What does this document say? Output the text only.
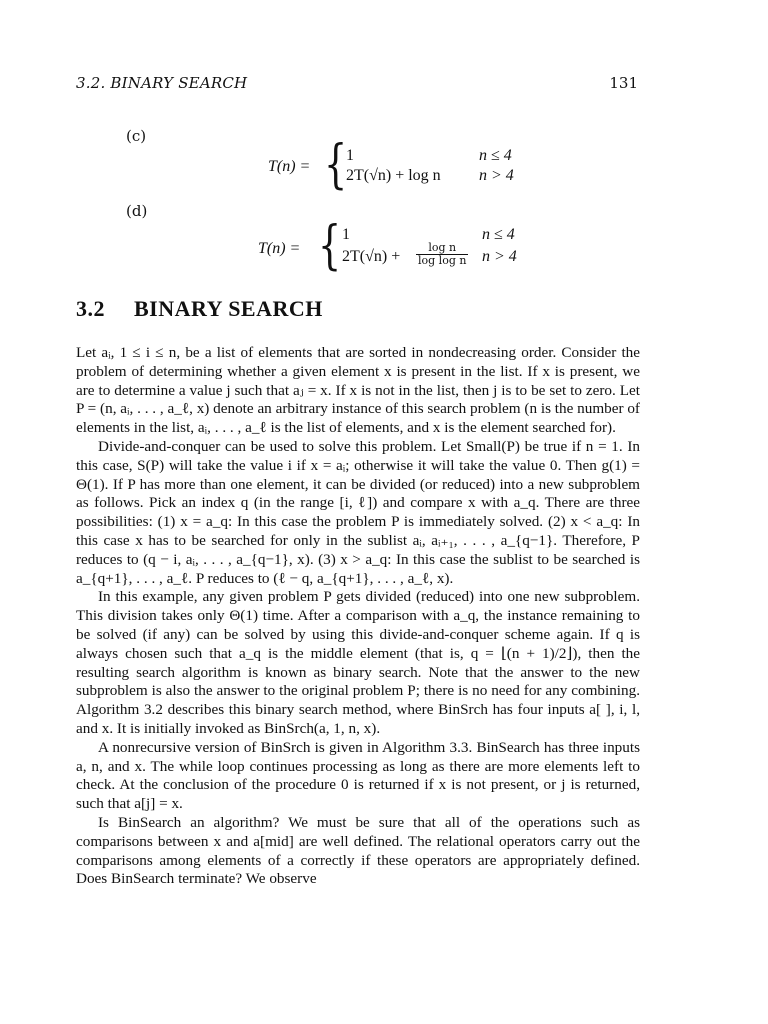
3.2. BINARY SEARCH	131
(c)
T(n) = {
1	n ≤ 4
2T(√n) + log n n > 4
(d)
T(n) = { 1	n ≤ 4
$2T(√n) + \frac{\text{log n}}{\text{log log n}}$ n > 4
3.2 BINARY SEARCH

Let aᵢ, 1 ≤ i ≤ n, be a list of elements that are sorted in nondecreasing order. Consider the problem of determining whether a given element x is present in the list. If x is present, we are to determine a value j such that aⱼ = x. If x is not in the list, then j is to be set to zero. Let P = (n, aᵢ, . . . , a_ℓ, x) denote an arbitrary instance of this search problem (n is the number of elements in the list, aᵢ, . . . , a_ℓ is the list of elements, and x is the element searched for).

Divide-and-conquer can be used to solve this problem. Let Small(P) be true if n = 1. In this case, S(P) will take the value i if x = aᵢ; otherwise it will take the value 0. Then g(1) = Θ(1). If P has more than one element, it can be divided (or reduced) into a new subproblem as follows. Pick an index q (in the range [i, ℓ]) and compare x with a_q. There are three possibilities: (1) x = a_q: In this case the problem P is immediately solved. (2) x < a_q: In this case x has to be searched for only in the sublist aᵢ, aᵢ₊₁, . . . , a_{q−1}. Therefore, P reduces to (q − i, aᵢ, . . . , a_{q−1}, x). (3) x > a_q: In this case the sublist to be searched is a_{q+1}, . . . , a_ℓ. P reduces to (ℓ − q, a_{q+1}, . . . , a_ℓ, x).

In this example, any given problem P gets divided (reduced) into one new subproblem. This division takes only Θ(1) time. After a comparison with a_q, the instance remaining to be solved (if any) can be solved by using this divide-and-conquer scheme again. If q is always chosen such that a_q is the middle element (that is, q = ⌊(n + 1)/2⌋), then the resulting search algorithm is known as binary search. Note that the answer to the new subproblem is also the answer to the original problem P; there is no need for any combining. Algorithm 3.2 describes this binary search method, where BinSrch has four inputs a[ ], i, l, and x. It is initially invoked as BinSrch(a, 1, n, x).

A nonrecursive version of BinSrch is given in Algorithm 3.3. BinSearch has three inputs a, n, and x. The while loop continues processing as long as there are more elements left to check. At the conclusion of the procedure 0 is returned if x is not present, or j is returned, such that a[j] = x.

Is BinSearch an algorithm? We must be sure that all of the operations such as comparisons between x and a[mid] are well defined. The relational operators carry out the comparisons among elements of a correctly if these operators are appropriately defined. Does BinSearch terminate? We observe
